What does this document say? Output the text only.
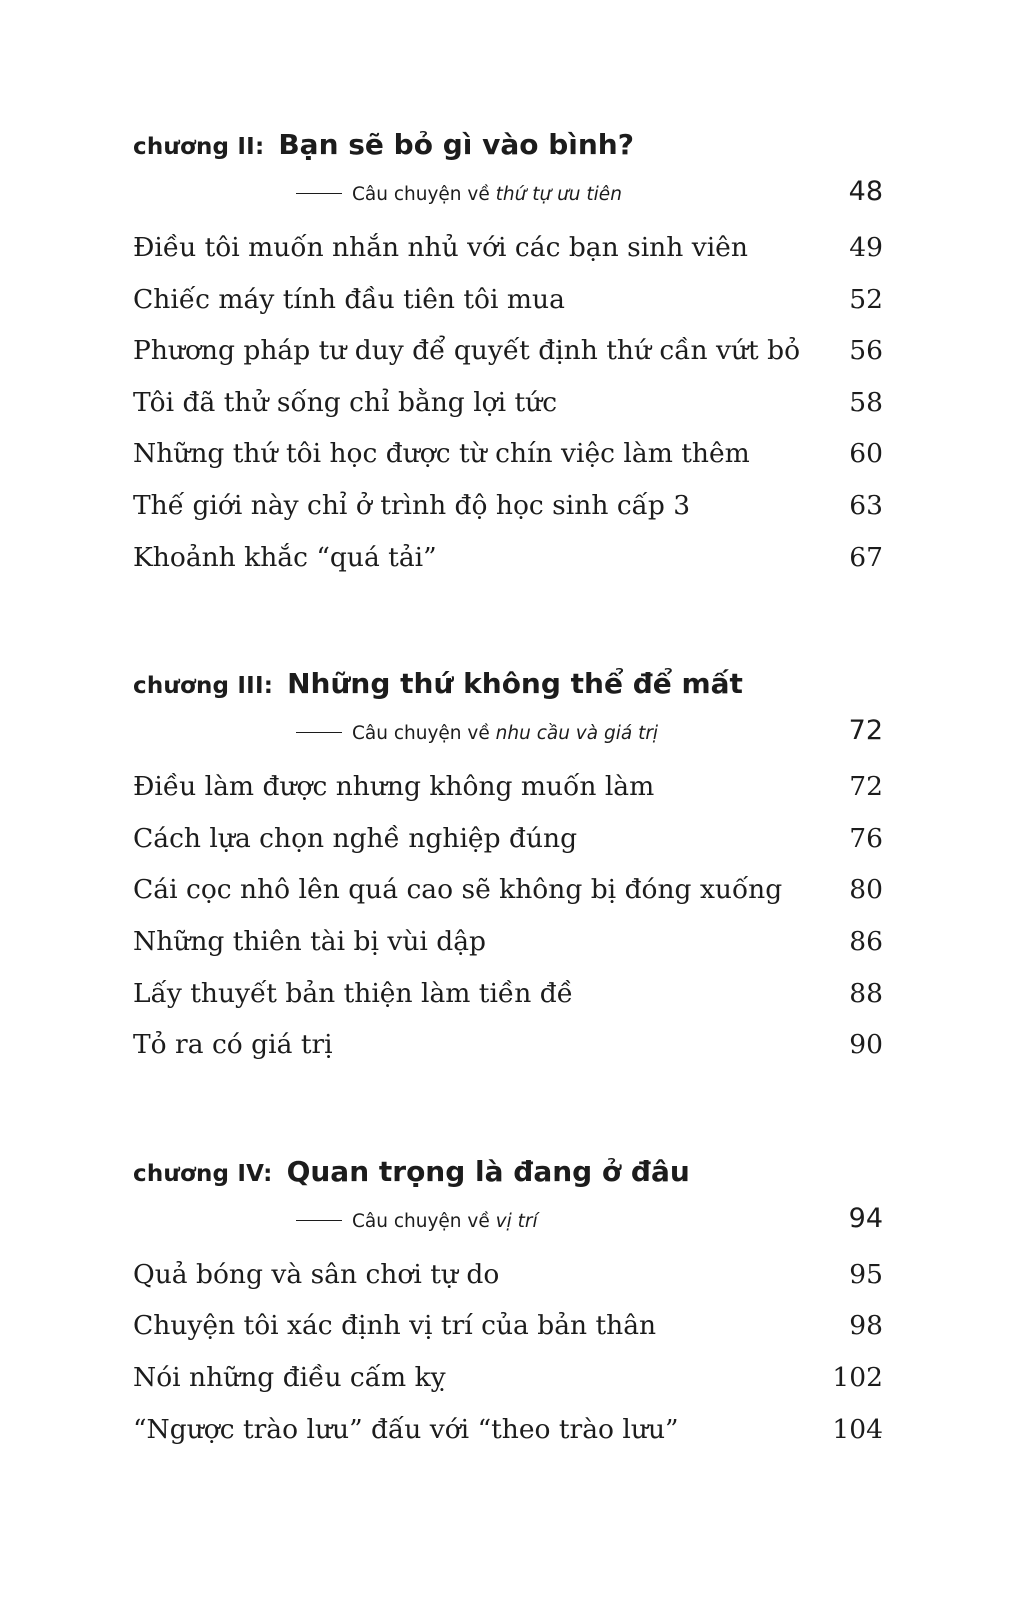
chương II: Bạn sẽ bỏ gì vào bình?
Câu chuyện về thứ tự ưu tiên	48
Điều tôi muốn nhắn nhủ với các bạn sinh viên	49
Chiếc máy tính đầu tiên tôi mua	52
Phương pháp tư duy để quyết định thứ cần vứt bỏ	56
Tôi đã thử sống chỉ bằng lợi tức	58
Những thứ tôi học được từ chín việc làm thêm	60
Thế giới này chỉ ở trình độ học sinh cấp 3	63
Khoảnh khắc “quá tải”	67
chương III: Những thứ không thể để mất
Câu chuyện về nhu cầu và giá trị	72
Điều làm được nhưng không muốn làm	72
Cách lựa chọn nghề nghiệp đúng	76
Cái cọc nhô lên quá cao sẽ không bị đóng xuống	80
Những thiên tài bị vùi dập	86
Lấy thuyết bản thiện làm tiền đề	88
Tỏ ra có giá trị	90
chương IV: Quan trọng là đang ở đâu
Câu chuyện về vị trí	94
Quả bóng và sân chơi tự do	95
Chuyện tôi xác định vị trí của bản thân	98
Nói những điều cấm kỵ	102
“Ngược trào lưu” đấu với “theo trào lưu”	104
